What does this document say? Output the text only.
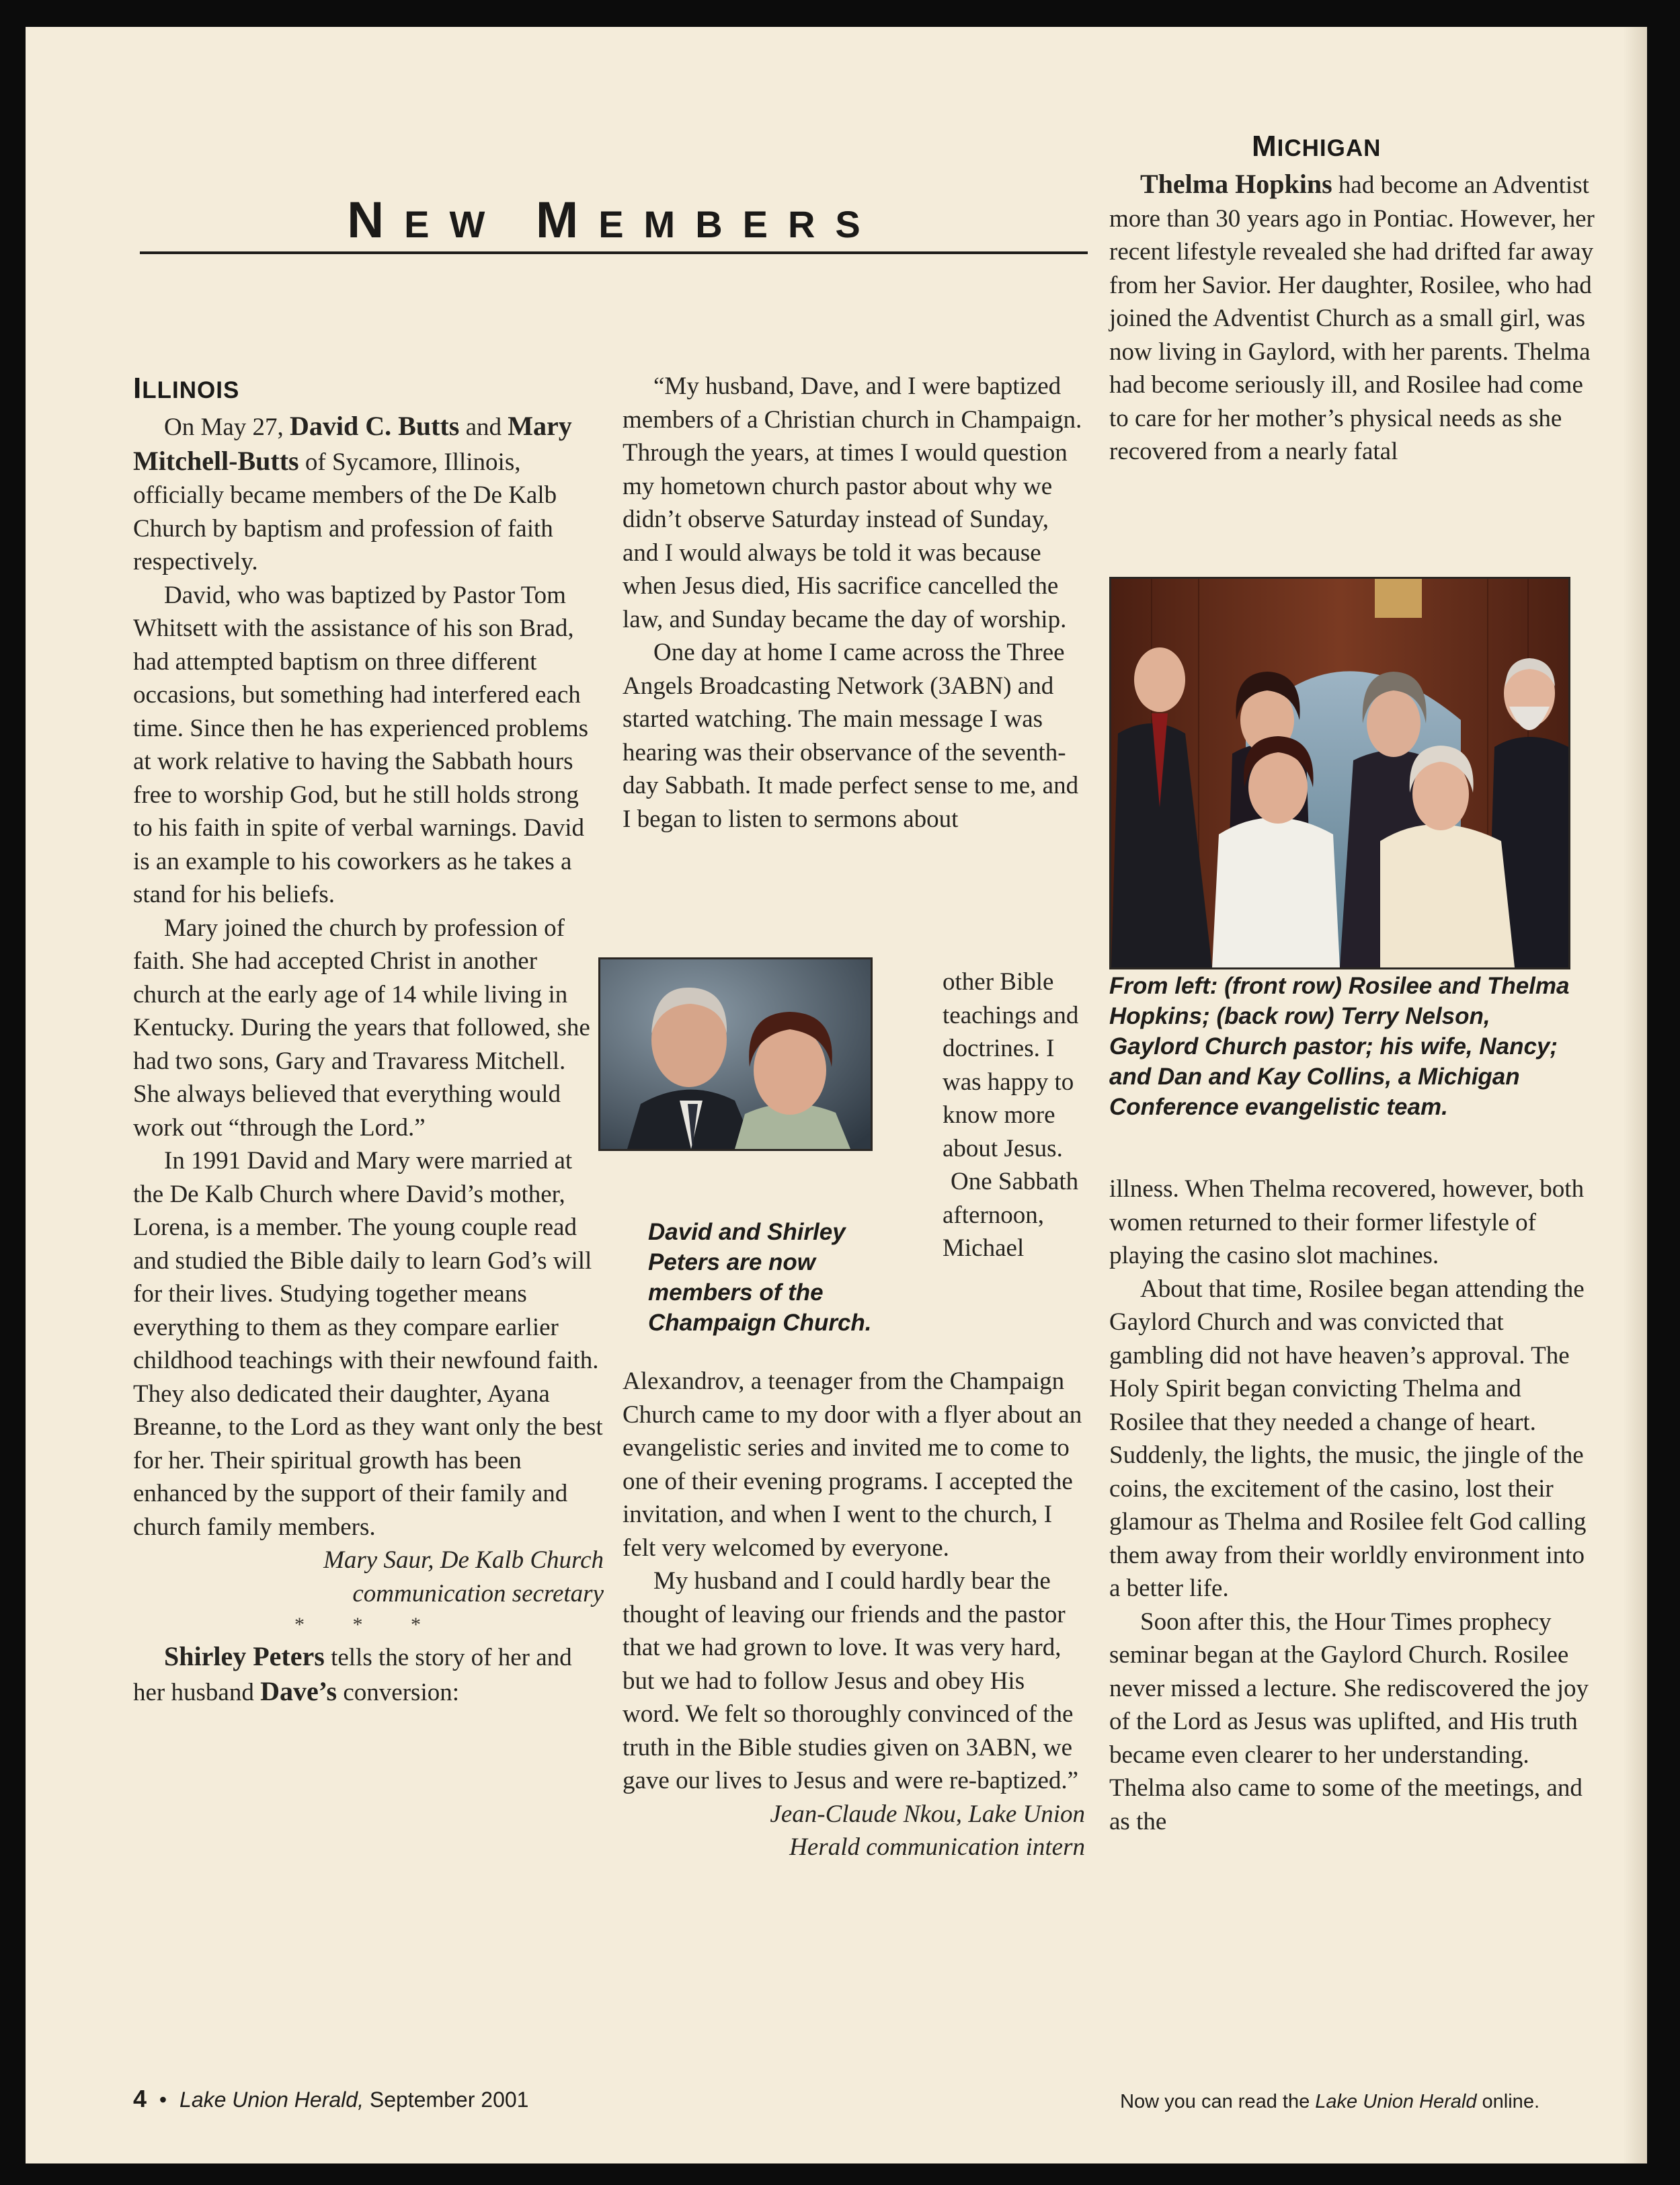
NEW MEMBERS
ILLINOIS

On May 27, David C. Butts and Mary Mitchell-Butts of Sycamore, Illinois, officially became members of the De Kalb Church by baptism and profession of faith respectively.

David, who was baptized by Pastor Tom Whitsett with the assistance of his son Brad, had attempted baptism on three different occasions, but something had interfered each time. Since then he has experienced problems at work relative to having the Sabbath hours free to worship God, but he still holds strong to his faith in spite of verbal warnings. David is an example to his coworkers as he takes a stand for his beliefs.

Mary joined the church by profession of faith. She had accepted Christ in another church at the early age of 14 while living in Kentucky. During the years that followed, she had two sons, Gary and Travaress Mitchell. She always believed that everything would work out “through the Lord.”

In 1991 David and Mary were married at the De Kalb Church where David’s mother, Lorena, is a member. The young couple read and studied the Bible daily to learn God’s will for their lives. Studying together means everything to them as they compare earlier childhood teachings with their newfound faith. They also dedicated their daughter, Ayana Breanne, to the Lord as they want only the best for her. Their spiritual growth has been enhanced by the support of their family and church family members.

Mary Saur, De Kalb Church

communication secretary

* * *

Shirley Peters tells the story of her and her husband Dave’s conversion:

“My husband, Dave, and I were baptized members of a Christian church in Champaign. Through the years, at times I would question my hometown church pastor about why we didn’t observe Saturday instead of Sunday, and I would always be told it was because when Jesus died, His sacrifice cancelled the law, and Sunday became the day of worship.

One day at home I came across the Three Angels Broadcasting Network (3ABN) and started watching. The main message I was hearing was their observance of the seventh-day Sabbath. It made perfect sense to me, and I began to listen to sermons about

other Bible teachings and doctrines. I was happy to know more about Jesus.

One Sabbath afternoon, Michael

David and Shirley Peters are now members of the Champaign Church.

Alexandrov, a teenager from the Champaign Church came to my door with a flyer about an evangelistic series and invited me to come to one of their evening programs. I accepted the invitation, and when I went to the church, I felt very welcomed by everyone.

My husband and I could hardly bear the thought of leaving our friends and the pastor that we had grown to love. It was very hard, but we had to follow Jesus and obey His word. We felt so thoroughly convinced of the truth in the Bible studies given on 3ABN, we gave our lives to Jesus and were re-baptized.”

Jean-Claude Nkou, Lake Union

Herald communication intern

MICHIGAN

Thelma Hopkins had become an Adventist more than 30 years ago in Pontiac. However, her recent lifestyle revealed she had drifted far away from her Savior. Her daughter, Rosilee, who had joined the Adventist Church as a small girl, was now living in Gaylord, with her parents. Thelma had become seriously ill, and Rosilee had come to care for her mother’s physical needs as she recovered from a nearly fatal

From left: (front row) Rosilee and Thelma Hopkins; (back row) Terry Nelson, Gaylord Church pastor; his wife, Nancy; and Dan and Kay Collins, a Michigan Conference evangelistic team.

illness. When Thelma recovered, however, both women returned to their former lifestyle of playing the casino slot machines.

About that time, Rosilee began attending the Gaylord Church and was convicted that gambling did not have heaven’s approval. The Holy Spirit began convicting Thelma and Rosilee that they needed a change of heart. Suddenly, the lights, the music, the jingle of the coins, the excitement of the casino, lost their glamour as Thelma and Rosilee felt God calling them away from their worldly environment into a better life.

Soon after this, the Hour Times prophecy seminar began at the Gaylord Church. Rosilee never missed a lecture. She rediscovered the joy of the Lord as Jesus was uplifted, and His truth became even clearer to her understanding. Thelma also came to some of the meetings, and as the

4 • Lake Union Herald, September 2001	Now you can read the Lake Union Herald online.
